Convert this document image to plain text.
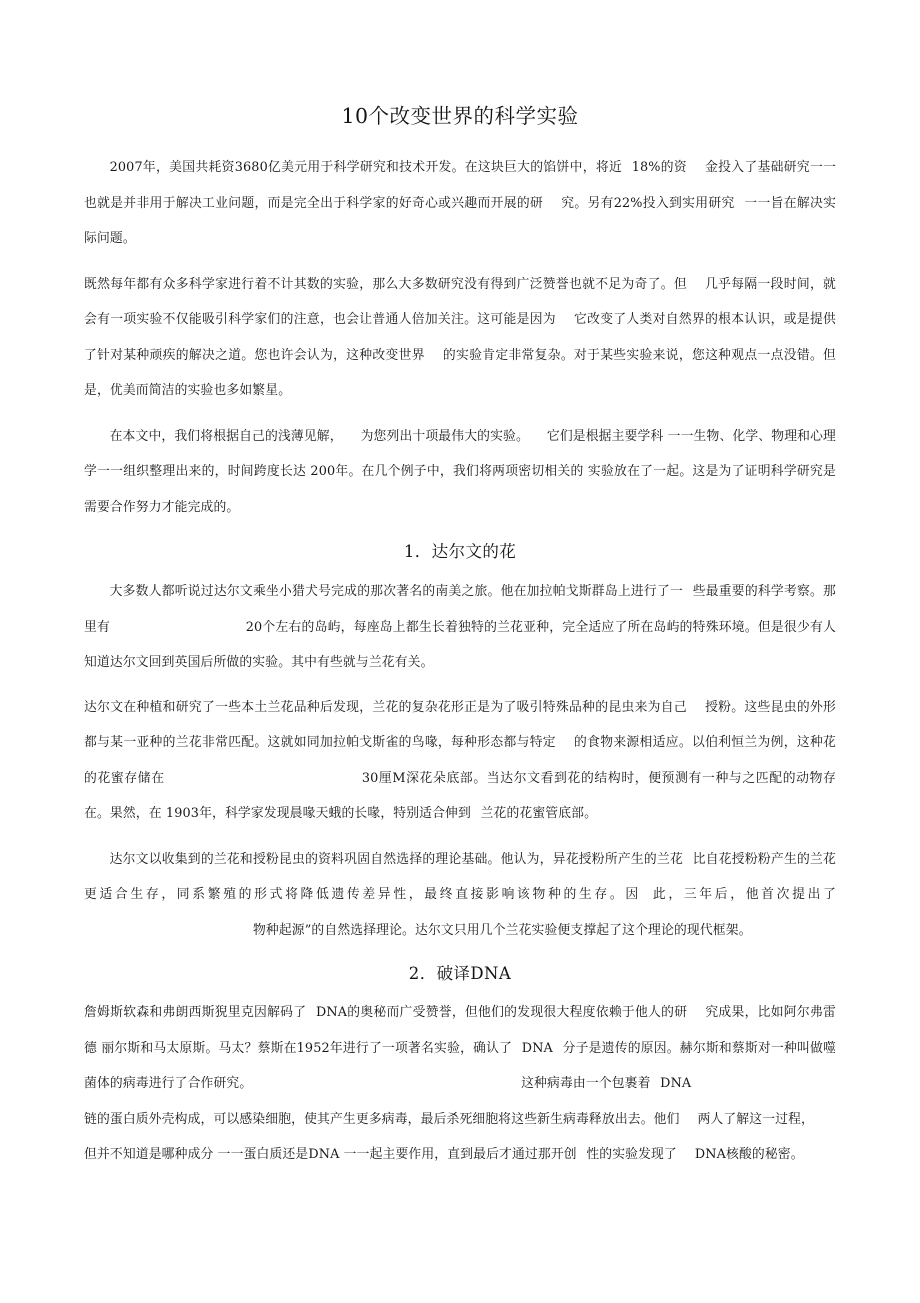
10个改变世界的科学实验

2007年，美国共耗资3680亿美元用于科学研究和技术开发。在这块巨大的馅饼中，将近 18%的资 金投入了基础研究一一也就是并非用于解决工业问题，而是完全出于科学家的好奇心或兴趣而开展的研 究。另有22%投入到实用研究 一一旨在解决实际问题。

既然每年都有众多科学家进行着不计其数的实验，那么大多数研究没有得到广泛赞誉也就不足为奇了。但 几乎每隔一段时间，就会有一项实验不仅能吸引科学家们的注意，也会让普通人倍加关注。这可能是因为 它改变了人类对自然界的根本认识，或是提供了针对某种顽疾的解决之道。您也许会认为，这种改变世界 的实验肯定非常复杂。对于某些实验来说，您这种观点一点没错。但是，优美而简洁的实验也多如繁星。

在本文中，我们将根据自己的浅薄见解， 为您列出十项最伟大的实验。 它们是根据主要学科 一一生物、化学、物理和心理学一一组织整理出来的，时间跨度长达 200年。在几个例子中，我们将两项密切相关的 实验放在了一起。这是为了证明科学研究是需要合作努力才能完成的。

1．达尔文的花

大多数人都听说过达尔文乘坐小猎犬号完成的那次著名的南美之旅。他在加拉帕戈斯群岛上进行了一 些最重要的科学考察。那里有	20个左右的岛屿，每座岛上都生长着独特的兰花亚种，完全适应了所在岛屿的特殊环境。但是很少有人知道达尔文回到英国后所做的实验。其中有些就与兰花有关。

达尔文在种植和研究了一些本土兰花品种后发现，兰花的复杂花形正是为了吸引特殊品种的昆虫来为自己 授粉。这些昆虫的外形都与某一亚种的兰花非常匹配。这就如同加拉帕戈斯雀的鸟喙，每种形态都与特定 的食物来源相适应。以伯利恒兰为例，这种花的花蜜存储在	30厘M深花朵底部。当达尔文看到花的结构时，便预测有一种与之匹配的动物存在。果然，在 1903年，科学家发现晨喙天蛾的长喙，特别适合伸到 兰花的花蜜管底部。

达尔文以收集到的兰花和授粉昆虫的资料巩固自然选择的理论基础。他认为，异花授粉所产生的兰花 比自花授粉粉产生的兰花更适合生存，同系繁殖的形式将降低遗传差异性，最终直接影响该物种的生存。因 此，三年后，他首次提出了物种起源”的自然选择理论。达尔文只用几个兰花实验便支撑起了这个理论的现代框架。

2．破译DNA

詹姆斯软森和弗朗西斯猊里克因解码了 DNA的奥秘而广受赞誉，但他们的发现很大程度依赖于他人的研 究成果，比如阿尔弗雷德 丽尔斯和马太原斯。马太？蔡斯在1952年进行了一项著名实验，确认了 DNA 分子是遗传的原因。赫尔斯和蔡斯对一种叫做噬菌体的病毒进行了合作研究。	这种病毒由一个包裹着 DNA

链的蛋白质外壳构成，可以感染细胞，使其产生更多病毒，最后杀死细胞将这些新生病毒释放出去。他们 两人了解这一过程，但并不知道是哪种成分 一一蛋白质还是DNA 一一起主要作用，直到最后才通过那开创 性的实验发现了 DNA核酸的秘密。
